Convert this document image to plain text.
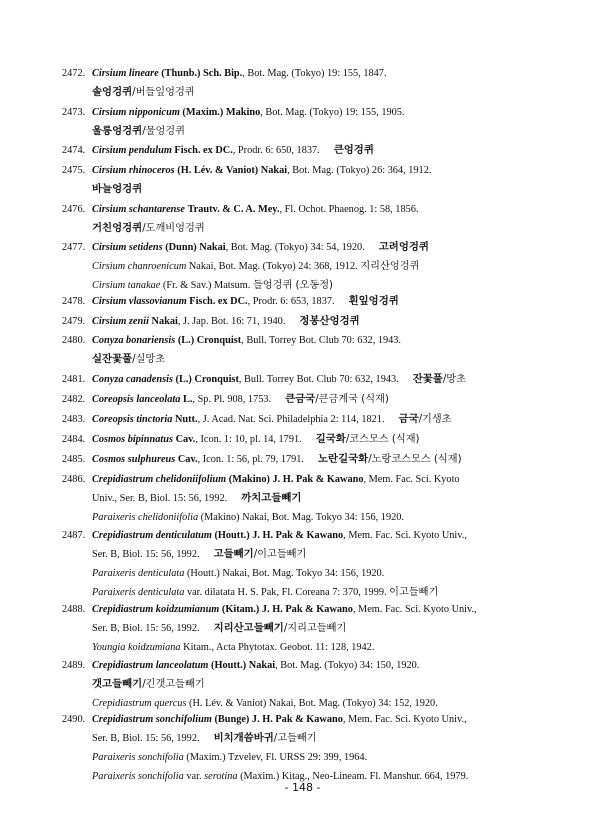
2472. Cirsium lineare (Thunb.) Sch. Bip., Bot. Mag. (Tokyo) 19: 155, 1847.
솔엉겅퀴/버들잎엉겅퀴
2473. Cirsium nipponicum (Maxim.) Makino, Bot. Mag. (Tokyo) 19: 155, 1905.
울릉엉겅퀴/물엉겅퀴
2474. Cirsium pendulum Fisch. ex DC., Prodr. 6: 650, 1837. 큰엉겅퀴
2475. Cirsium rhinoceros (H. Lév. & Vaniot) Nakai, Bot. Mag. (Tokyo) 26: 364, 1912.
바늘엉겅퀴
2476. Cirsium schantarense Trautv. & C. A. Mey., Fl. Ochot. Phaenog. 1: 58, 1856.
거친엉겅퀴/도깨비엉겅퀴
2477. Cirsium setidens (Dunn) Nakai, Bot. Mag. (Tokyo) 34: 54, 1920. 고려엉겅퀴
Cirsium chanroenicum Nakai, Bot. Mag. (Tokyo) 24: 368, 1912. 지리산엉겅퀴
Cirsium tanakae (Fr. & Sav.) Matsum. 들엉겅퀴 (오동정)
2478. Cirsium vlassovianum Fisch. ex DC., Prodr. 6: 653, 1837. 흰잎엉겅퀴
2479. Cirsium zenii Nakai, J. Jap. Bot. 16: 71, 1940. 정봉산엉겅퀴
2480. Conyza bonariensis (L.) Cronquist, Bull. Torrey Bot. Club 70: 632, 1943.
실잔꽃풀/실망초
2481. Conyza canadensis (L.) Cronquist, Bull. Torrey Bot. Club 70: 632, 1943. 잔꽃풀/망초
2482. Coreopsis lanceolata L., Sp. Pl. 908, 1753. 큰금국/큰금계국 (식재)
2483. Coreopsis tinctoria Nutt., J. Acad. Nat. Sci. Philadelphia 2: 114, 1821. 금국/기생초
2484. Cosmos bipinnatus Cav., Icon. 1: 10, pl. 14, 1791. 길국화/코스모스 (식재)
2485. Cosmos sulphureus Cav., Icon. 1: 56, pl. 79, 1791. 노란길국화/노랑코스모스 (식재)
2486. Crepidiastrum chelidoniifolium (Makino) J. H. Pak & Kawano, Mem. Fac. Sci. Kyoto
Univ., Ser. B, Biol. 15: 56, 1992. 까치고들빼기
Paraixeris chelidoniifolia (Makino) Nakai, Bot. Mag. Tokyo 34: 156, 1920.
2487. Crepidiastrum denticulatum (Houtt.) J. H. Pak & Kawano, Mem. Fac. Sci. Kyoto Univ.,
Ser. B, Biol. 15: 56, 1992. 고들빼기/이고들빼기
Paraixeris denticulata (Houtt.) Nakai, Bot. Mag. Tokyo 34: 156, 1920.
Paraixeris denticulata var. dilatata H. S. Pak, Fl. Coreana 7: 370, 1999. 이고들빼기
2488. Crepidiastrum koidzumianum (Kitam.) J. H. Pak & Kawano, Mem. Fac. Sci. Kyoto Univ.,
Ser. B, Biol. 15: 56, 1992. 지리산고들빼기/지리고들빼기
Youngia koidzumiana Kitam., Acta Phytotax. Geobot. 11: 128, 1942.
2489. Crepidiastrum lanceolatum (Houtt.) Nakai, Bot. Mag. (Tokyo) 34: 150, 1920.
갯고들빼기/긴갯고들빼기
Crepidiastrum quercus (H. Lév. & Vaniot) Nakai, Bot. Mag. (Tokyo) 34: 152, 1920.
2490. Crepidiastrum sonchifolium (Bunge) J. H. Pak & Kawano, Mem. Fac. Sci. Kyoto Univ.,
Ser. B, Biol. 15: 56, 1992. 비치개씀바귀/고들빼기
Paraixeris sonchifolia (Maxim.) Tzvelev, Fl. URSS 29: 399, 1964.
Paraixeris sonchifolia var. serotina (Maxim.) Kitag., Neo-Lineam. Fl. Manshur. 664, 1979.
- 148 -
